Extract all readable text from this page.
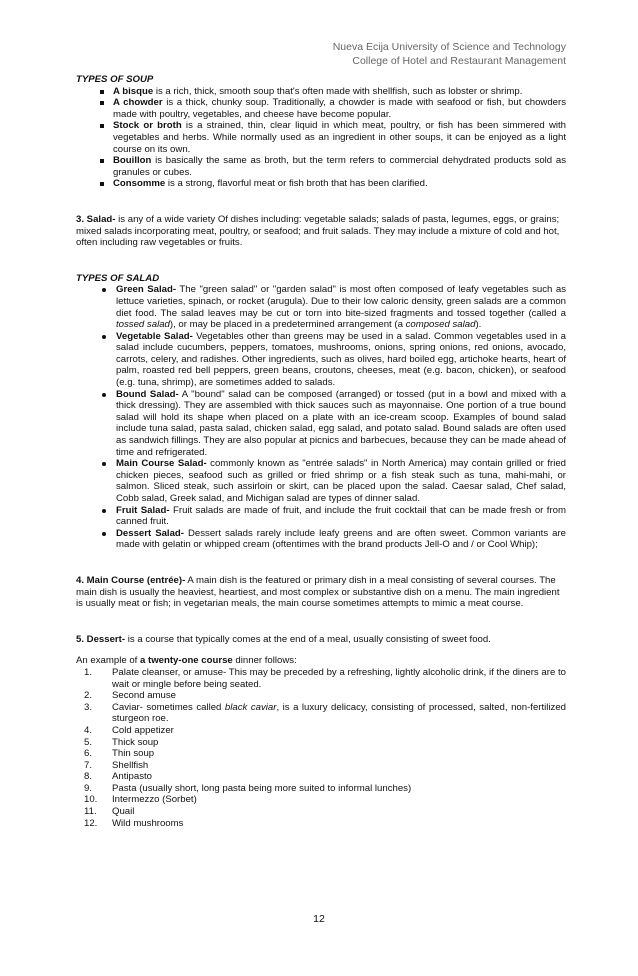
Nueva Ecija University of Science and Technology
College of Hotel and Restaurant Management

TYPES OF SOUP

A bisque is a rich, thick, smooth soup that's often made with shellfish, such as lobster or shrimp.
A chowder is a thick, chunky soup. Traditionally, a chowder is made with seafood or fish, but chowders made with poultry, vegetables, and cheese have become popular.
Stock or broth is a strained, thin, clear liquid in which meat, poultry, or fish has been simmered with vegetables and herbs. While normally used as an ingredient in other soups, it can be enjoyed as a light course on its own.
Bouillon is basically the same as broth, but the term refers to commercial dehydrated products sold as granules or cubes.
Consomme is a strong, flavorful meat or fish broth that has been clarified.

3. Salad- is any of a wide variety Of dishes including: vegetable salads; salads of pasta, legumes, eggs, or grains; mixed salads incorporating meat, poultry, or seafood; and fruit salads. They may include a mixture of cold and hot, often including raw vegetables or fruits.

TYPES OF SALAD

Green Salad- The "green salad" or "garden salad" is most often composed of leafy vegetables such as lettuce varieties, spinach, or rocket (arugula). Due to their low caloric density, green salads are a common diet food. The salad leaves may be cut or torn into bite-sized fragments and tossed together (called a tossed salad), or may be placed in a predetermined arrangement (a composed salad).
Vegetable Salad- Vegetables other than greens may be used in a salad. Common vegetables used in a salad include cucumbers, peppers, tomatoes, mushrooms, onions, spring onions, red onions, avocado, carrots, celery, and radishes. Other ingredients, such as olives, hard boiled egg, artichoke hearts, heart of palm, roasted red bell peppers, green beans, croutons, cheeses, meat (e.g. bacon, chicken), or seafood (e.g. tuna, shrimp), are sometimes added to salads.
Bound Salad- A "bound" salad can be composed (arranged) or tossed (put in a bowl and mixed with a thick dressing). They are assembled with thick sauces such as mayonnaise. One portion of a true bound salad will hold its shape when placed on a plate with an ice-cream scoop. Examples of bound salad include tuna salad, pasta salad, chicken salad, egg salad, and potato salad. Bound salads are often used as sandwich fillings. They are also popular at picnics and barbecues, because they can be made ahead of time and refrigerated.
Main Course Salad- commonly known as "entrée salads" in North America) may contain grilled or fried chicken pieces, seafood such as grilled or fried shrimp or a fish steak such as tuna, mahi-mahi, or salmon. Sliced steak, such assirloin or skirt, can be placed upon the salad. Caesar salad, Chef salad, Cobb salad, Greek salad, and Michigan salad are types of dinner salad.
Fruit Salad- Fruit salads are made of fruit, and include the fruit cocktail that can be made fresh or from canned fruit.
Dessert Salad- Dessert salads rarely include leafy greens and are often sweet. Common variants are made with gelatin or whipped cream (oftentimes with the brand products Jell-O and / or Cool Whip);

4. Main Course (entrée)- A main dish is the featured or primary dish in a meal consisting of several courses. The main dish is usually the heaviest, heartiest, and most complex or substantive dish on a menu. The main ingredient is usually meat or fish; in vegetarian meals, the main course sometimes attempts to mimic a meat course.

5. Dessert- is a course that typically comes at the end of a meal, usually consisting of sweet food.

An example of a twenty-one course dinner follows:

1. Palate cleanser, or amuse- This may be preceded by a refreshing, lightly alcoholic drink, if the diners are to wait or mingle before being seated.
2. Second amuse
3. Caviar- sometimes called black caviar, is a luxury delicacy, consisting of processed, salted, non-fertilized sturgeon roe.
4. Cold appetizer
5. Thick soup
6. Thin soup
7. Shellfish
8. Antipasto
9. Pasta (usually short, long pasta being more suited to informal lunches)
10. Intermezzo (Sorbet)
11. Quail
12. Wild mushrooms
12
